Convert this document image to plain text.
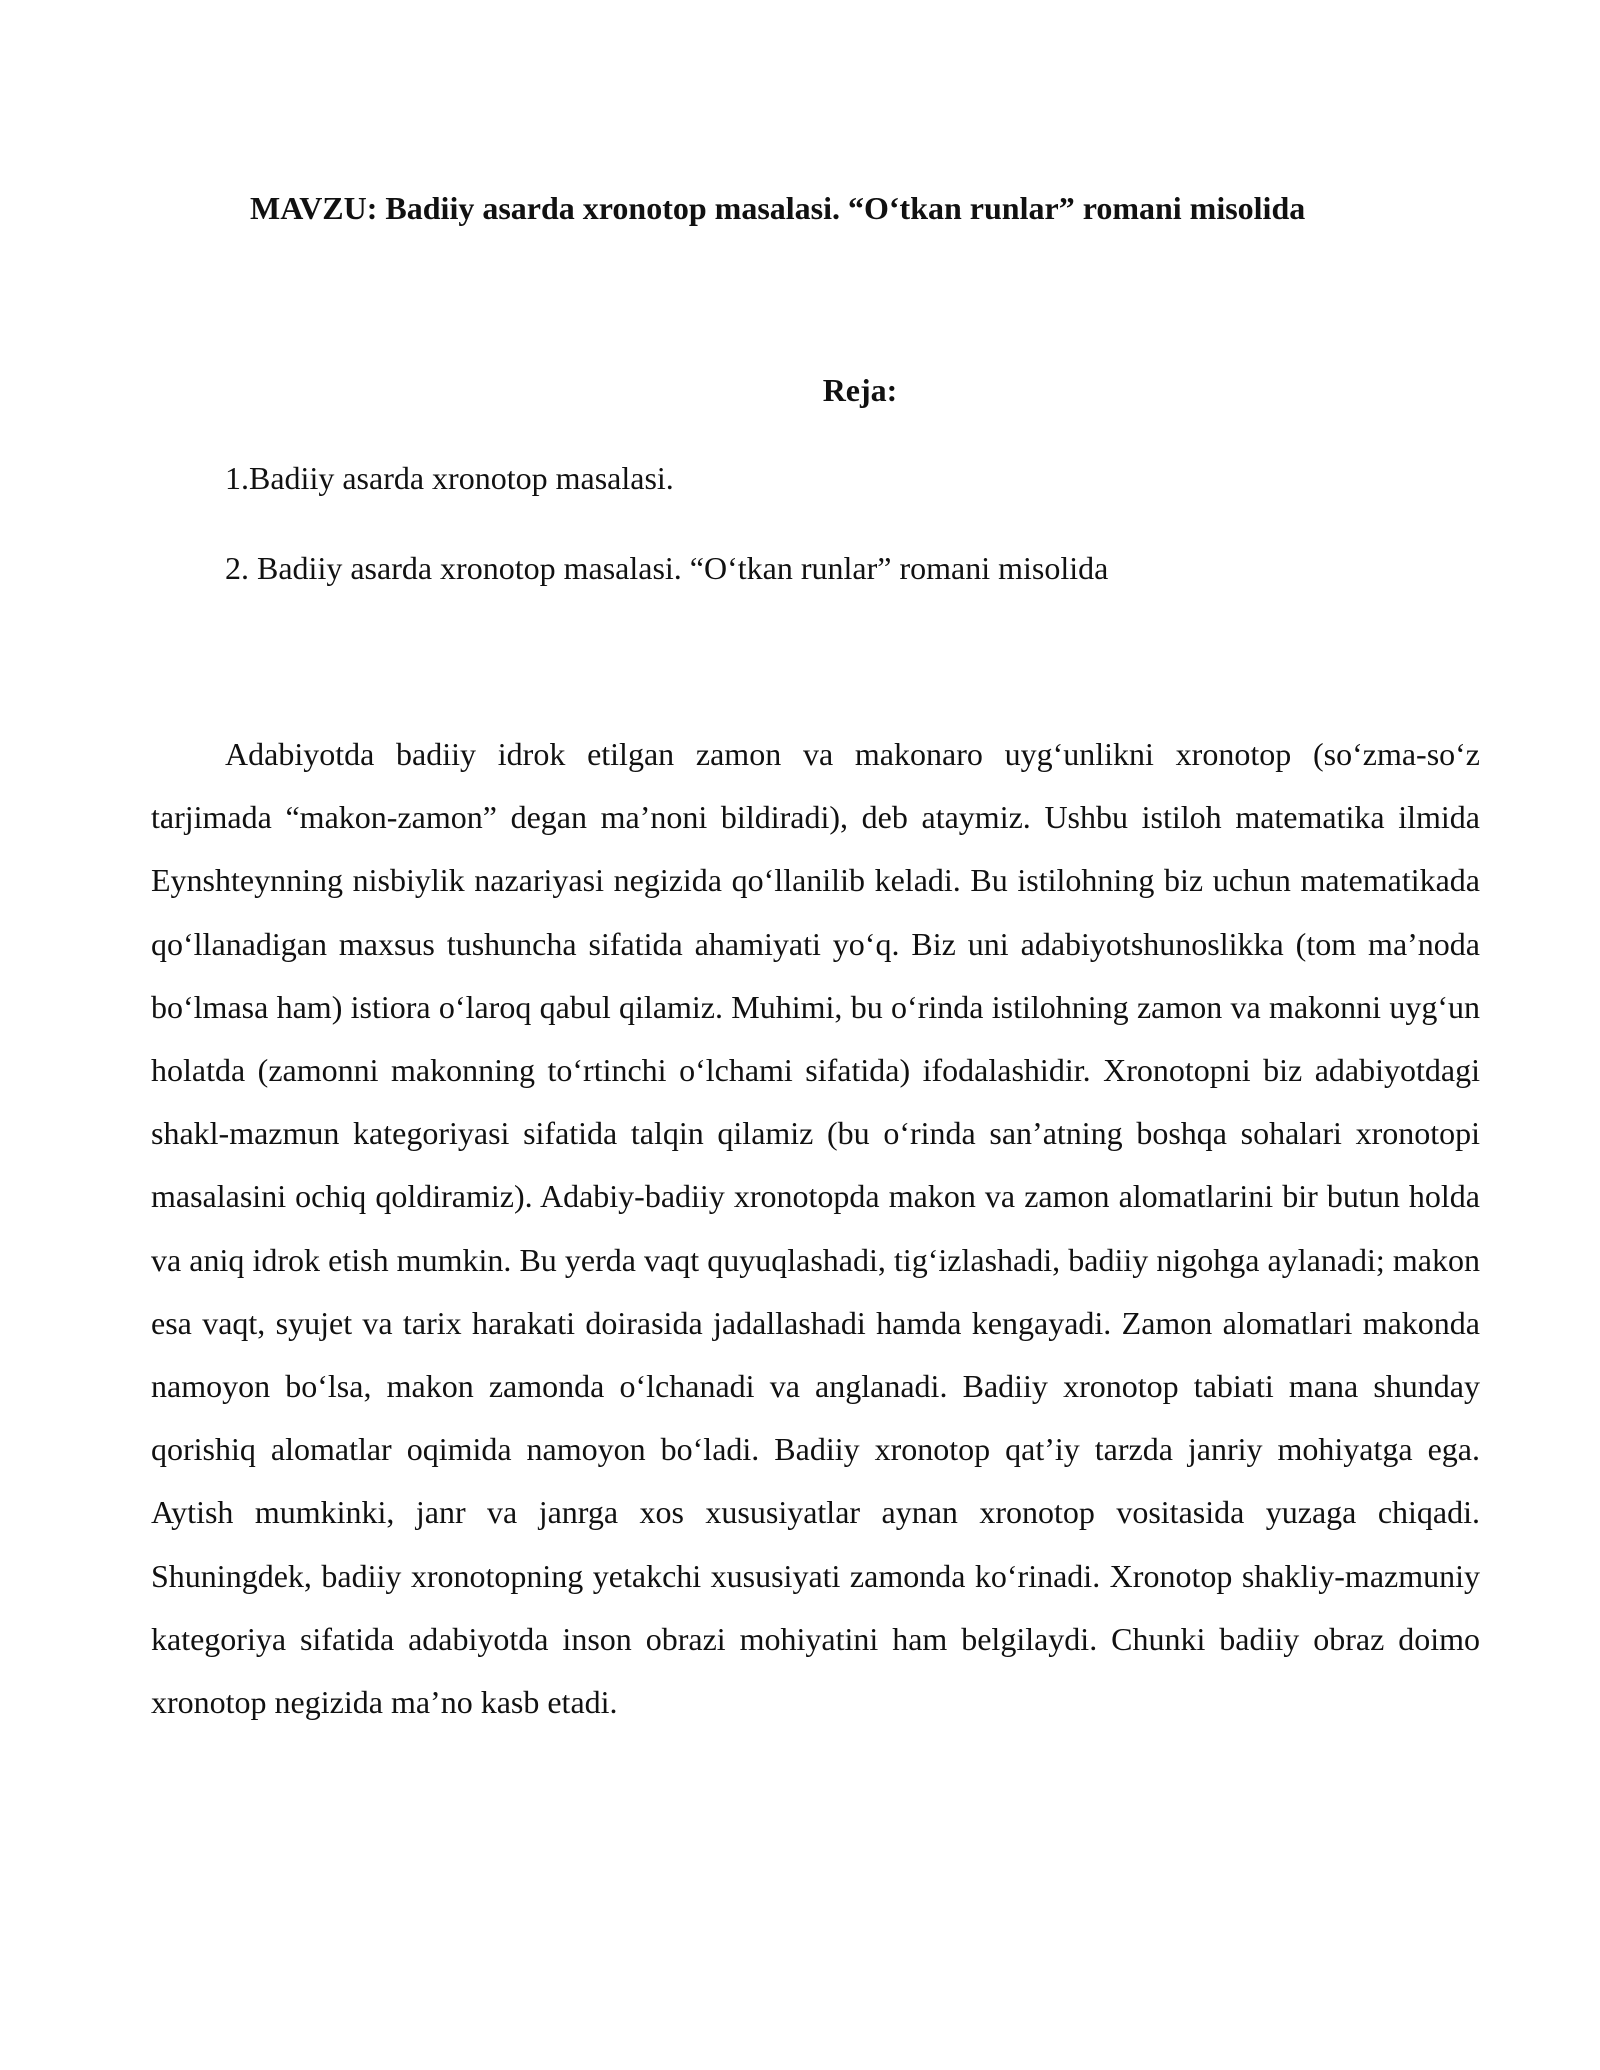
MAVZU: Badiiy asarda xronotop masalasi. “O‘tkan runlar” romani misolida
Reja:
1.Badiiy asarda xronotop masalasi.
2. Badiiy asarda xronotop masalasi. “O‘tkan runlar” romani misolida

Adabiyotda badiiy idrok etilgan zamon va makonaro uyg‘unlikni xronotop (so‘zma-so‘z tarjimada “makon-zamon” degan ma’noni bildiradi), deb ataymiz. Ushbu istiloh matematika ilmida Eynshteynning nisbiylik nazariyasi negizida qo‘llanilib keladi. Bu istilohning biz uchun matematikada qo‘llanadigan maxsus tushuncha sifatida ahamiyati yo‘q. Biz uni adabiyotshunoslikka (tom ma’noda bo‘lmasa ham) istiora o‘laroq qabul qilamiz. Muhimi, bu o‘rinda istilohning zamon va makonni uyg‘un holatda (zamonni makonning to‘rtinchi o‘lchami sifatida) ifodalashidir. Xronotopni biz adabiyotdagi shakl-mazmun kategoriyasi sifatida talqin qilamiz (bu o‘rinda san’atning boshqa sohalari xronotopi masalasini ochiq qoldiramiz). Adabiy-badiiy xronotopda makon va zamon alomatlarini bir butun holda va aniq idrok etish mumkin. Bu yerda vaqt quyuqlashadi, tig‘izlashadi, badiiy nigohga aylanadi; makon esa vaqt, syujet va tarix harakati doirasida jadallashadi hamda kengayadi. Zamon alomatlari makonda namoyon bo‘lsa, makon zamonda o‘lchanadi va anglanadi. Badiiy xronotop tabiati mana shunday qorishiq alomatlar oqimida namoyon bo‘ladi. Badiiy xronotop qat’iy tarzda janriy mohiyatga ega. Aytish mumkinki, janr va janrga xos xususiyatlar aynan xronotop vositasida yuzaga chiqadi. Shuningdek, badiiy xronotopning yetakchi xususiyati zamonda ko‘rinadi. Xronotop shakliy-mazmuniy kategoriya sifatida adabiyotda inson obrazi mohiyatini ham belgilaydi. Chunki badiiy obraz doimo xronotop negizida ma’no kasb etadi.
